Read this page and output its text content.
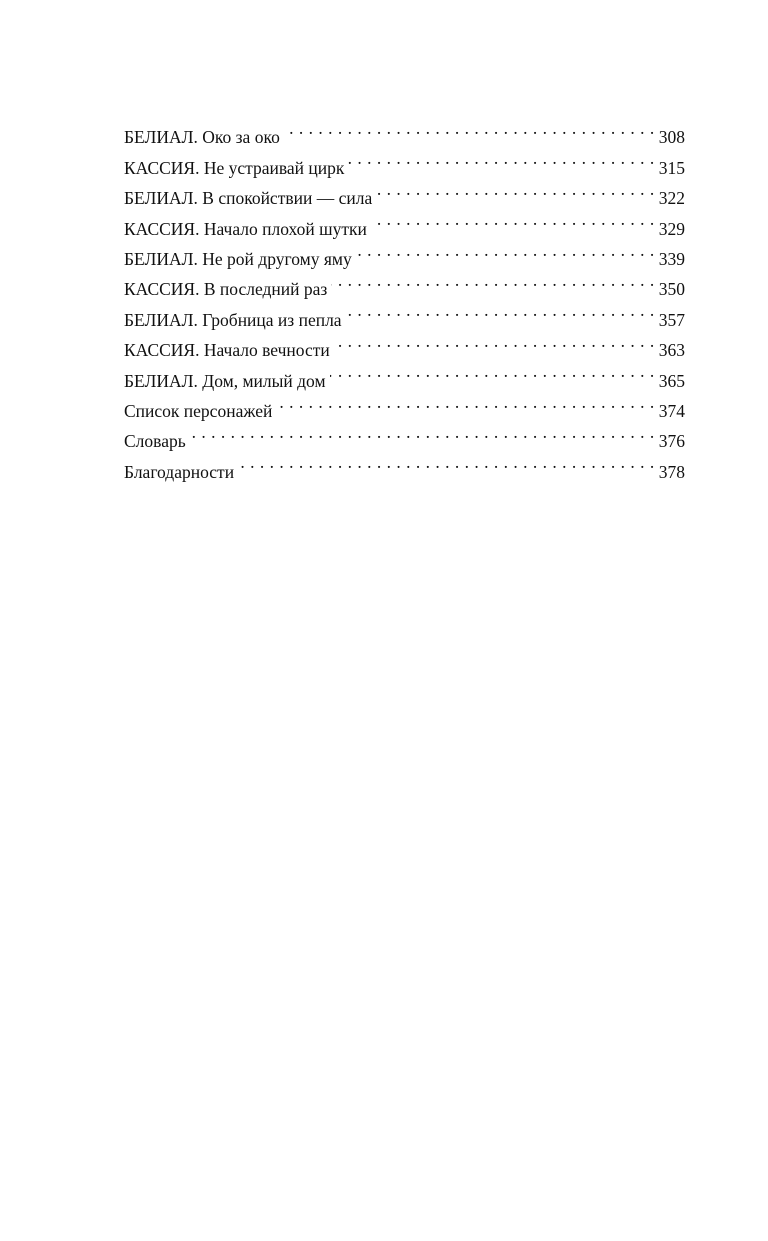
БЕЛИАЛ. Око за око . . .	308
КАССИЯ. Не устраивай цирк . . .	315
БЕЛИАЛ. В спокойствии — сила . . .	322
КАССИЯ. Начало плохой шутки . . .	329
БЕЛИАЛ. Не рой другому яму . . .	339
КАССИЯ. В последний раз . . .	350
БЕЛИАЛ. Гробница из пепла . . .	357
КАССИЯ. Начало вечности . . .	363
БЕЛИАЛ. Дом, милый дом . . .	365
Список персонажей . . .	374
Словарь . . .	376
Благодарности . . .	378
